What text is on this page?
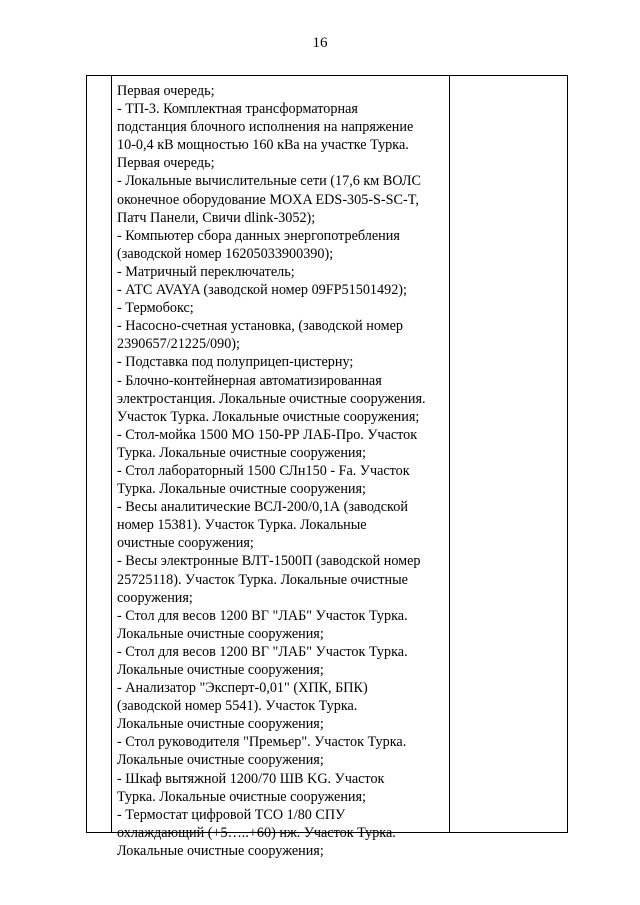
16
Первая очередь;
- ТП-3. Комплектная трансформаторная
подстанция блочного исполнения на напряжение
10-0,4 кВ мощностью 160 кВа на участке Турка.
Первая очередь;
- Локальные вычислительные сети (17,6 км ВОЛС
оконечное оборудование MOXA EDS-305-S-SC-T,
Патч Панели, Свичи dlink-3052);
- Компьютер сбора данных энергопотребления
(заводской номер 16205033900390);
- Матричный переключатель;
- АТС AVAYA (заводской номер 09FP51501492);
- Термобокс;
- Насосно-счетная установка, (заводской номер
2390657/21225/090);
- Подставка под полуприцеп-цистерну;
- Блочно-контейнерная автоматизированная
электростанция. Локальные очистные сооружения.
Участок Турка. Локальные очистные сооружения;
- Стол-мойка 1500 МО 150-РР ЛАБ-Про. Участок
Турка. Локальные очистные сооружения;
- Стол лабораторный 1500 СЛн150 - Fa. Участок
Турка. Локальные очистные сооружения;
- Весы аналитические ВСЛ-200/0,1А (заводской
номер 15381). Участок Турка. Локальные
очистные сооружения;
- Весы электронные ВЛТ-1500П (заводской номер
25725118). Участок Турка. Локальные очистные
сооружения;
- Стол для весов 1200 ВГ "ЛАБ" Участок Турка.
Локальные очистные сооружения;
- Стол для весов 1200 ВГ "ЛАБ" Участок Турка.
Локальные очистные сооружения;
- Анализатор "Эксперт-0,01" (ХПК, БПК)
(заводской номер 5541). Участок Турка.
Локальные очистные сооружения;
- Стол руководителя "Премьер". Участок Турка.
Локальные очистные сооружения;
- Шкаф вытяжной 1200/70 ШВ KG. Участок
Турка. Локальные очистные сооружения;
- Термостат цифровой ТСО 1/80 СПУ
охлаждающий (+5…..+60) нж. Участок Турка.
Локальные очистные сооружения;
